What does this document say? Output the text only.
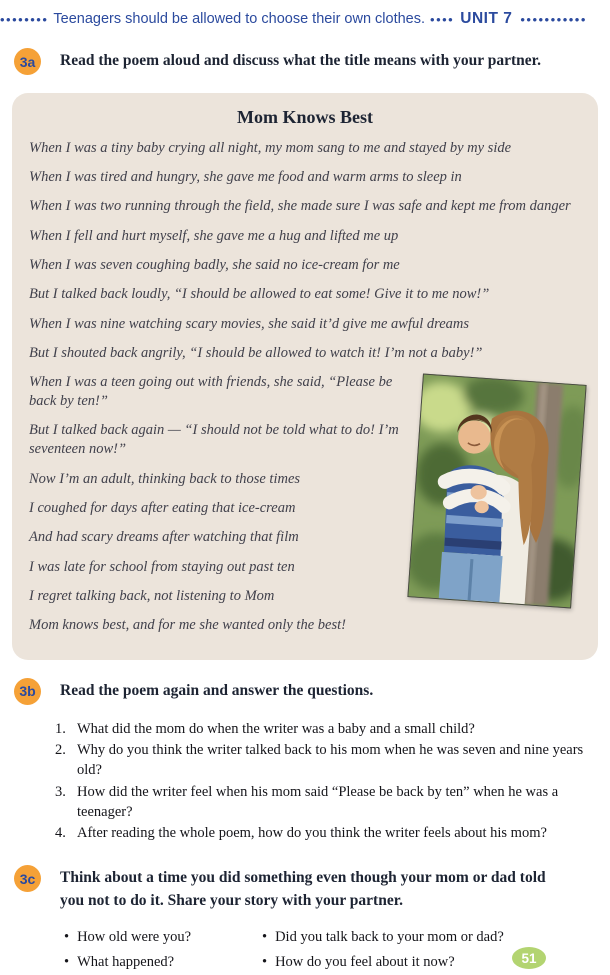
•••••••• Teenagers should be allowed to choose their own clothes. •••• UNIT 7 •••••••••••
3a	Read the poem aloud and discuss what the title means with your partner.
Mom Knows Best

When I was a tiny baby crying all night, my mom sang to me and stayed by my side

When I was tired and hungry, she gave me food and warm arms to sleep in

When I was two running through the field, she made sure I was safe and kept me from danger

When I fell and hurt myself, she gave me a hug and lifted me up

When I was seven coughing badly, she said no ice-cream for me

But I talked back loudly, “I should be allowed to eat some! Give it to me now!”

When I was nine watching scary movies, she said it’d give me awful dreams

But I shouted back angrily, “I should be allowed to watch it! I’m not a baby!”

When I was a teen going out with friends, she said, “Please be back by ten!”

But I talked back again — “I should not be told what to do! I’m seventeen now!”

Now I’m an adult, thinking back to those times

I coughed for days after eating that ice-cream

And had scary dreams after watching that film

I was late for school from staying out past ten

I regret talking back, not listening to Mom

Mom knows best, and for me she wanted only the best!

3b	Read the poem again and answer the questions.
1. What did the mom do when the writer was a baby and a small child?
2. Why do you think the writer talked back to his mom when he was seven and nine years old?
3. How did the writer feel when his mom said “Please be back by ten” when he was a teenager?
4. After reading the whole poem, how do you think the writer feels about his mom?
3c	Think about a time you did something even though your mom or dad told you not to do it. Share your story with your partner.
• How old were you?	• Did you talk back to your mom or dad?
• What happened?	• How do you feel about it now?	51
